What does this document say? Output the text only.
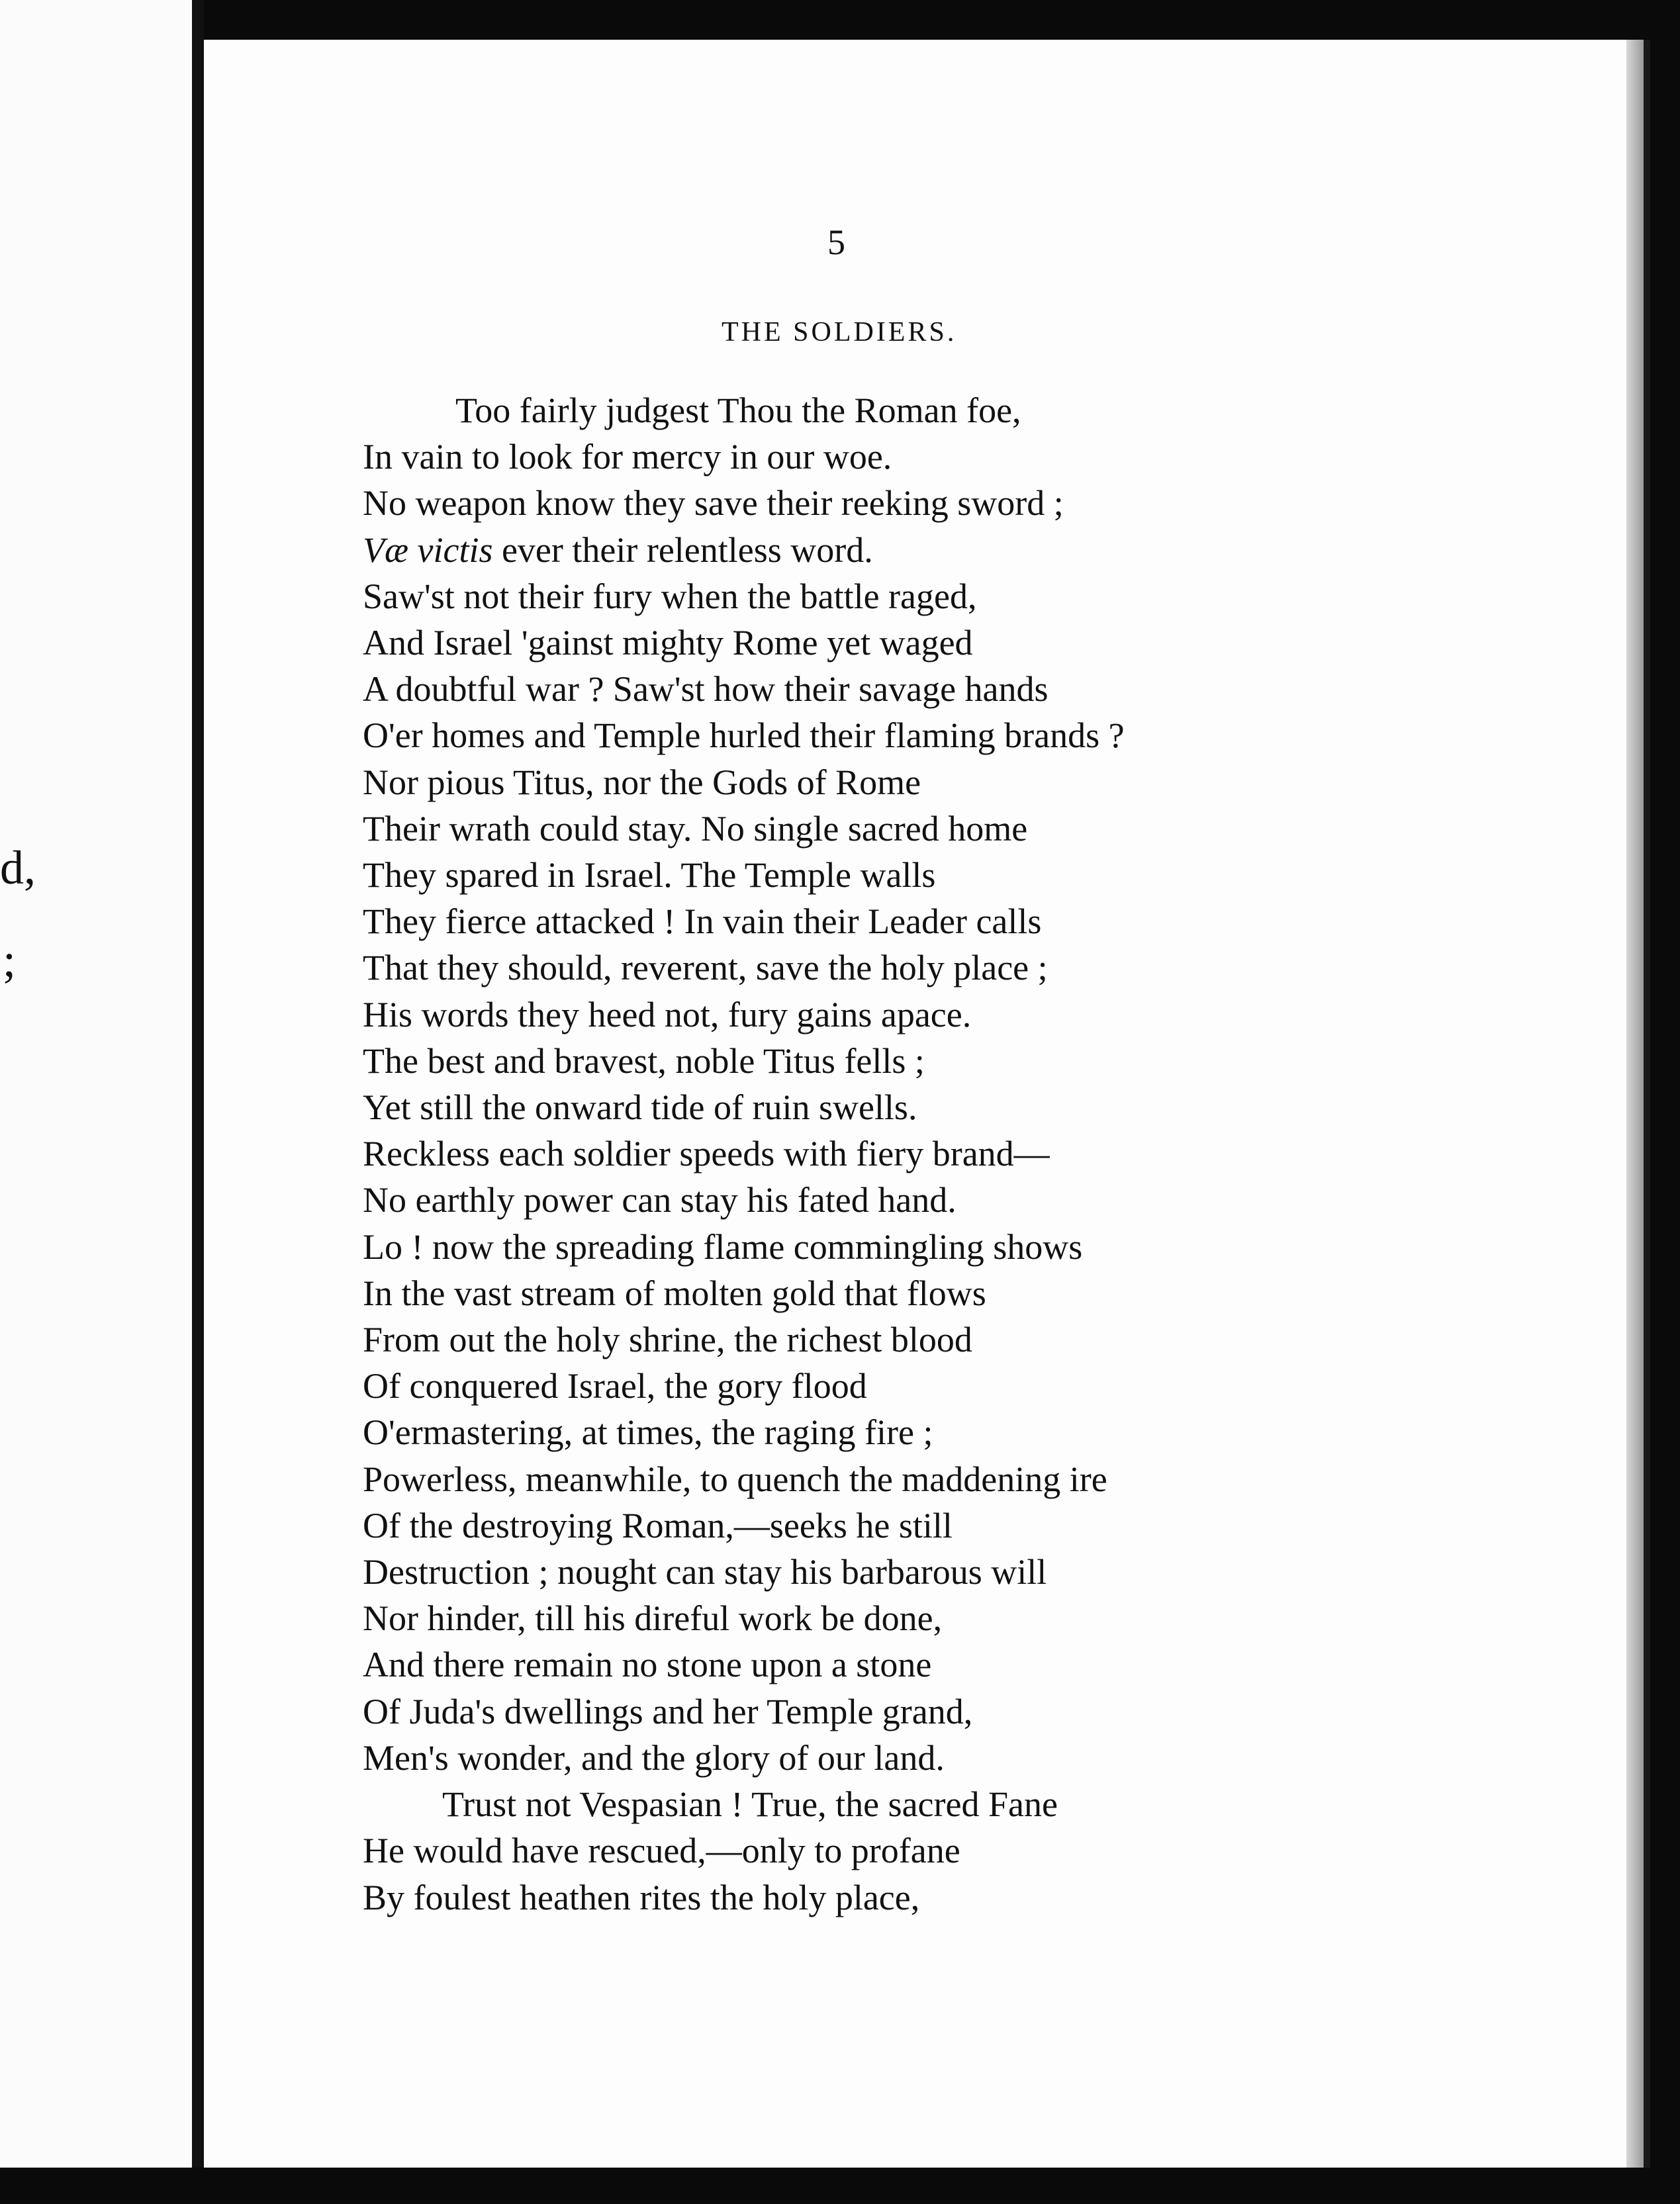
d,
;
5
THE SOLDIERS.
Too fairly judgest Thou the Roman foe,
In vain to look for mercy in our woe.
No weapon know they save their reeking sword ;
Væ victis ever their relentless word.
Saw'st not their fury when the battle raged,
And Israel 'gainst mighty Rome yet waged
A doubtful war ? Saw'st how their savage hands
O'er homes and Temple hurled their flaming brands ?
Nor pious Titus, nor the Gods of Rome
Their wrath could stay. No single sacred home
They spared in Israel. The Temple walls
They fierce attacked ! In vain their Leader calls
That they should, reverent, save the holy place ;
His words they heed not, fury gains apace.
The best and bravest, noble Titus fells ;
Yet still the onward tide of ruin swells.
Reckless each soldier speeds with fiery brand—
No earthly power can stay his fated hand.
Lo ! now the spreading flame commingling shows
In the vast stream of molten gold that flows
From out the holy shrine, the richest blood
Of conquered Israel, the gory flood
O'ermastering, at times, the raging fire ;
Powerless, meanwhile, to quench the maddening ire
Of the destroying Roman,—seeks he still
Destruction ; nought can stay his barbarous will
Nor hinder, till his direful work be done,
And there remain no stone upon a stone
Of Juda's dwellings and her Temple grand,
Men's wonder, and the glory of our land.
Trust not Vespasian ! True, the sacred Fane
He would have rescued,—only to profane
By foulest heathen rites the holy place,
